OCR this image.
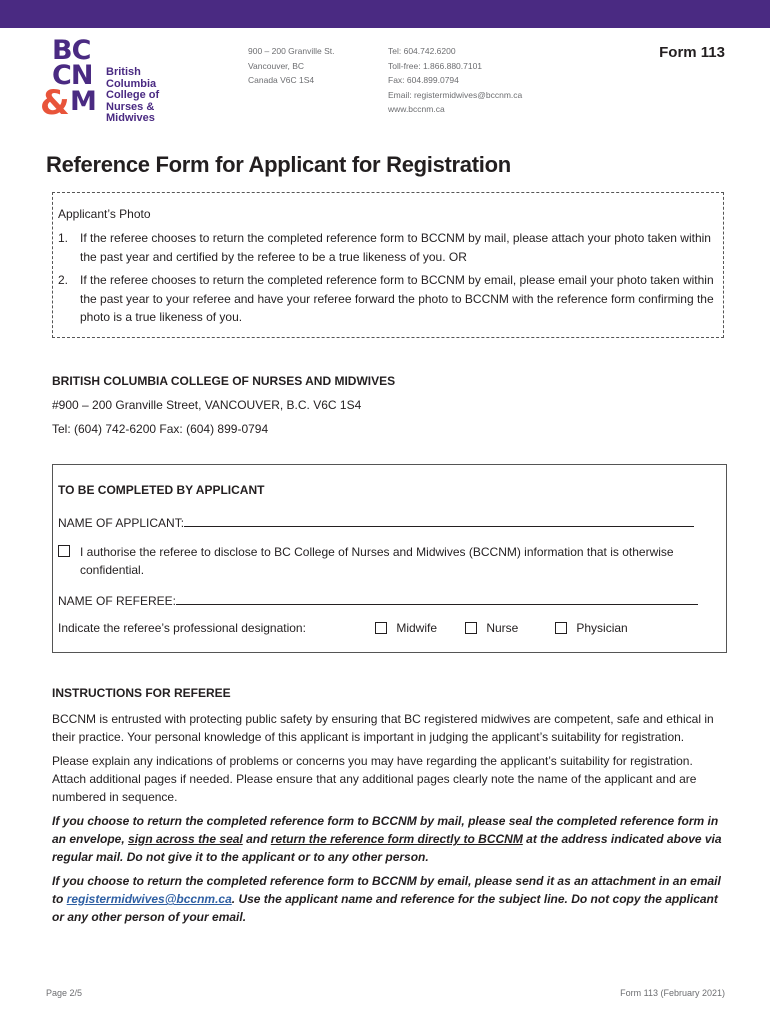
BC
CN
& M
British
Columbia
College of
Nurses &
Midwives
900 – 200 Granville St.
Vancouver, BC
Canada V6C 1S4
Tel: 604.742.6200
Toll-free: 1.866.880.7101
Fax: 604.899.0794
Email: registermidwives@bccnm.ca
www.bccnm.ca
Form 113
Reference Form for Applicant for Registration
Applicant’s Photo
1. If the referee chooses to return the completed reference form to BCCNM by mail, please attach your photo taken within the past year and certified by the referee to be a true likeness of you. OR
2. If the referee chooses to return the completed reference form to BCCNM by email, please email your photo taken within the past year to your referee and have your referee forward the photo to BCCNM with the reference form confirming the photo is a true likeness of you.
BRITISH COLUMBIA COLLEGE OF NURSES AND MIDWIVES
#900 – 200 Granville Street, VANCOUVER, B.C. V6C 1S4
Tel: (604) 742-6200 Fax: (604) 899-0794
TO BE COMPLETED BY APPLICANT
NAME OF APPLICANT:
I authorise the referee to disclose to BC College of Nurses and Midwives (BCCNM) information that is otherwise confidential.
NAME OF REFEREE:
Indicate the referee’s professional designation:	Midwife	Nurse	Physician
INSTRUCTIONS FOR REFEREE

BCCNM is entrusted with protecting public safety by ensuring that BC registered midwives are competent, safe and ethical in their practice. Your personal knowledge of this applicant is important in judging the applicant’s suitability for registration.

Please explain any indications of problems or concerns you may have regarding the applicant’s suitability for registration. Attach additional pages if needed. Please ensure that any additional pages clearly note the name of the applicant and are numbered in sequence.

If you choose to return the completed reference form to BCCNM by mail, please seal the completed reference form in an envelope, sign across the seal and return the reference form directly to BCCNM at the address indicated above via regular mail. Do not give it to the applicant or to any other person.

If you choose to return the completed reference form to BCCNM by email, please send it as an attachment in an email to registermidwives@bccnm.ca. Use the applicant name and reference for the subject line. Do not copy the applicant or any other person of your email.

Page 2/5	Form 113 (February 2021)
